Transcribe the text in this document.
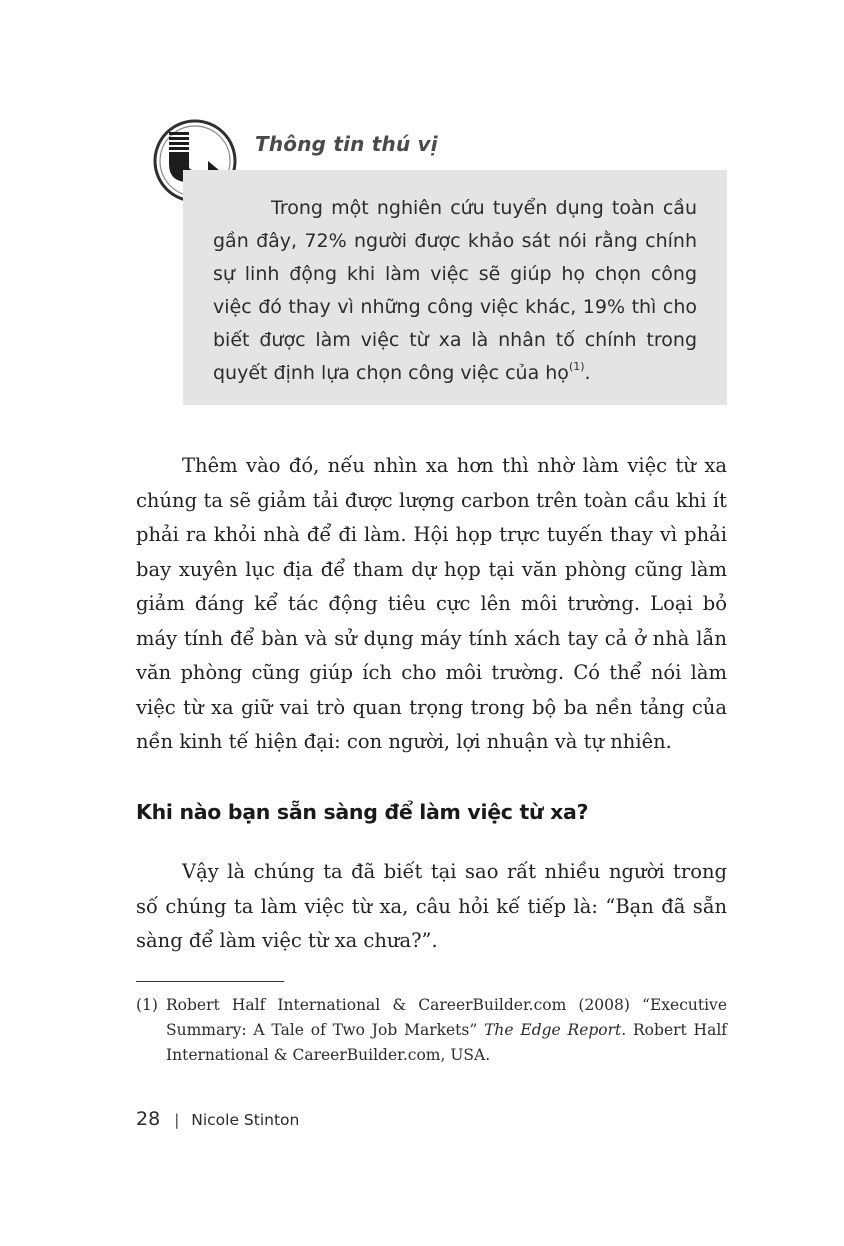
Thông tin thú vị

Trong một nghiên cứu tuyển dụng toàn cầu gần đây, 72% người được khảo sát nói rằng chính sự linh động khi làm việc sẽ giúp họ chọn công việc đó thay vì những công việc khác, 19% thì cho biết được làm việc từ xa là nhân tố chính trong quyết định lựa chọn công việc của họ$^{(1)}$.

Thêm vào đó, nếu nhìn xa hơn thì nhờ làm việc từ xa chúng ta sẽ giảm tải được lượng carbon trên toàn cầu khi ít phải ra khỏi nhà để đi làm. Hội họp trực tuyến thay vì phải bay xuyên lục địa để tham dự họp tại văn phòng cũng làm giảm đáng kể tác động tiêu cực lên môi trường. Loại bỏ máy tính để bàn và sử dụng máy tính xách tay cả ở nhà lẫn văn phòng cũng giúp ích cho môi trường. Có thể nói làm việc từ xa giữ vai trò quan trọng trong bộ ba nền tảng của nền kinh tế hiện đại: con người, lợi nhuận và tự nhiên.

Khi nào bạn sẵn sàng để làm việc từ xa?

Vậy là chúng ta đã biết tại sao rất nhiều người trong số chúng ta làm việc từ xa, câu hỏi kế tiếp là: “Bạn đã sẵn sàng để làm việc từ xa chưa?”.

(1) Robert Half International & CareerBuilder.com (2008) “Executive Summary: A Tale of Two Job Markets” The Edge Report. Robert Half International & CareerBuilder.com, USA.
28 | Nicole Stinton
